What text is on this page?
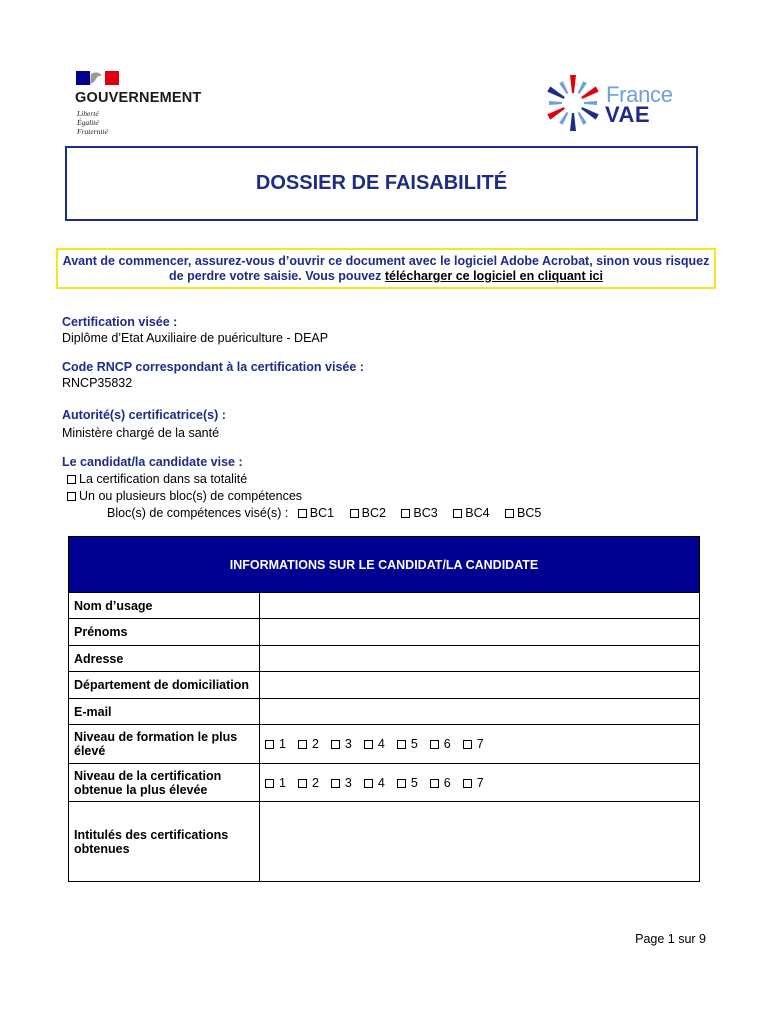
GOUVERNEMENT
Liberté
Égalité
Fraternité
France
VAE
DOSSIER DE FAISABILITÉ
Avant de commencer, assurez-vous d’ouvrir ce document avec le logiciel Adobe Acrobat, sinon vous risquez de perdre votre saisie. Vous pouvez télécharger ce logiciel en cliquant ici
Certification visée :
Diplôme d’Etat Auxiliaire de puériculture - DEAP
Code RNCP correspondant à la certification visée :
RNCP35832
Autorité(s) certificatrice(s) :
Ministère chargé de la santé
Le candidat/la candidate vise :
La certification dans sa totalité
Un ou plusieurs bloc(s) de compétences
Bloc(s) de compétences visé(s) : BC1 BC2 BC3 BC4 BC5
INFORMATIONS SUR LE CANDIDAT/LA CANDIDATE	
Nom d’usage	
Prénoms	
Adresse	
Département de domiciliation	
E-mail	
Niveau de formation le plus élevé	1 2 3 4 5 6 7
Niveau de la certification obtenue la plus élevée	1 2 3 4 5 6 7
Intitulés des certifications obtenues	
Page 1 sur 9
